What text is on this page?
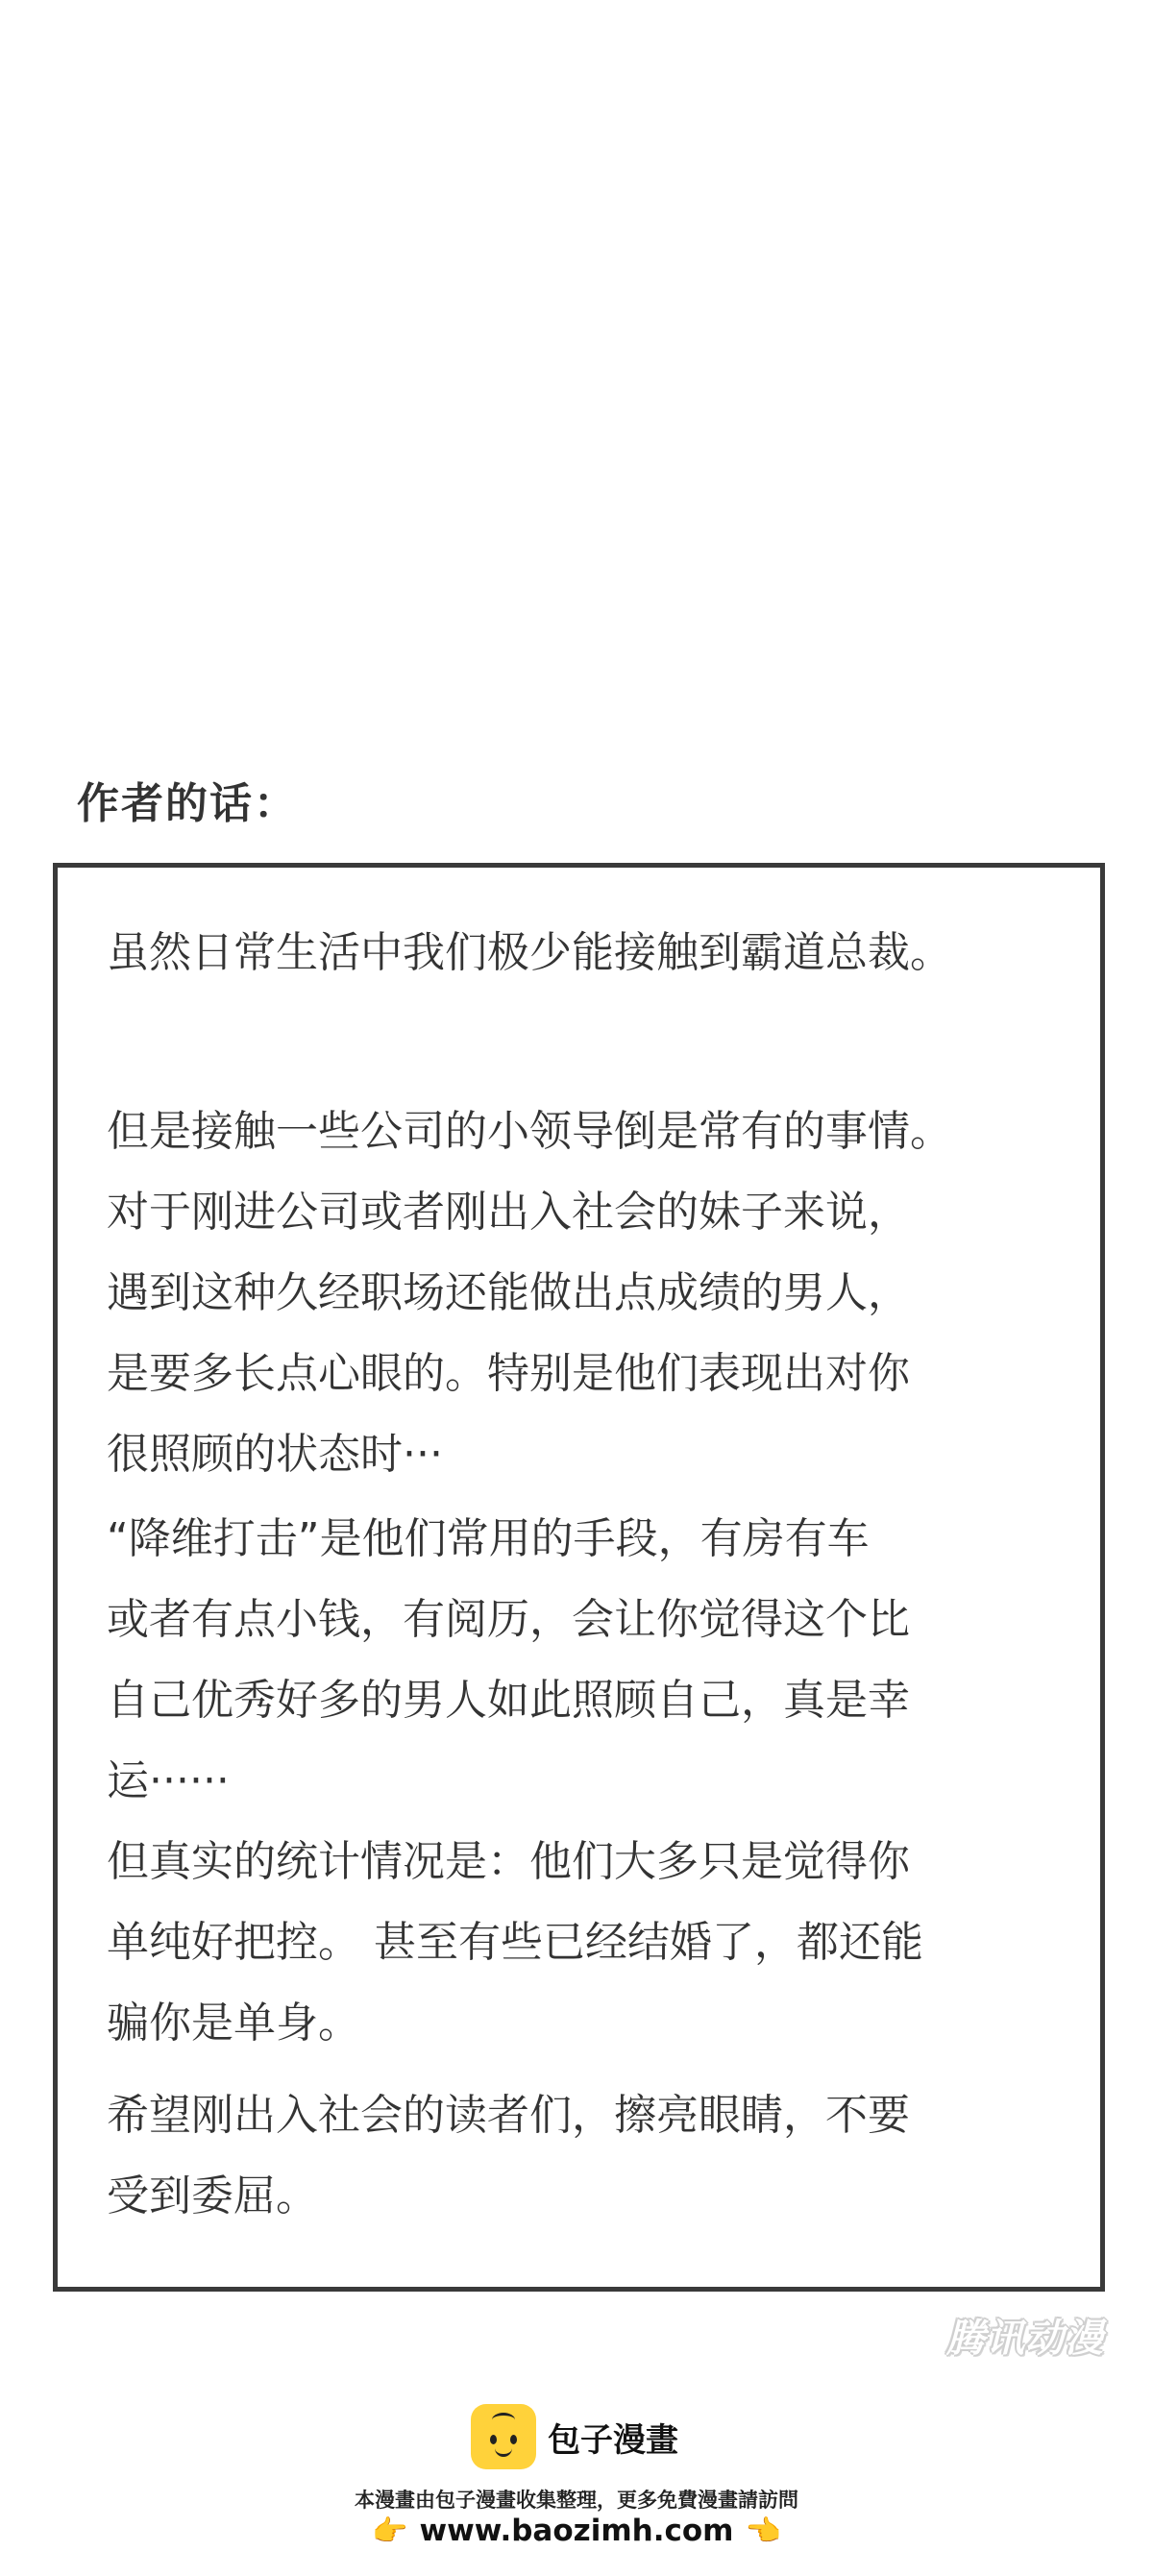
作者的话：
虽然日常生活中我们极少能接触到霸道总裁。
但是接触一些公司的小领导倒是常有的事情。
对于刚进公司或者刚出入社会的妹子来说，
遇到这种久经职场还能做出点成绩的男人，
是要多长点心眼的。特别是他们表现出对你
很照顾的状态时···
“降维打击”是他们常用的手段，有房有车
或者有点小钱，有阅历，会让你觉得这个比
自己优秀好多的男人如此照顾自己，真是幸
运······
但真实的统计情况是：他们大多只是觉得你
单纯好把控。 甚至有些已经结婚了，都还能
骗你是单身。
希望刚出入社会的读者们，擦亮眼睛，不要
受到委屈。
腾讯动漫
包子漫畫
本漫畫由包子漫畫收集整理，更多免費漫畫請訪問
👉 www.baozimh.com 👈
